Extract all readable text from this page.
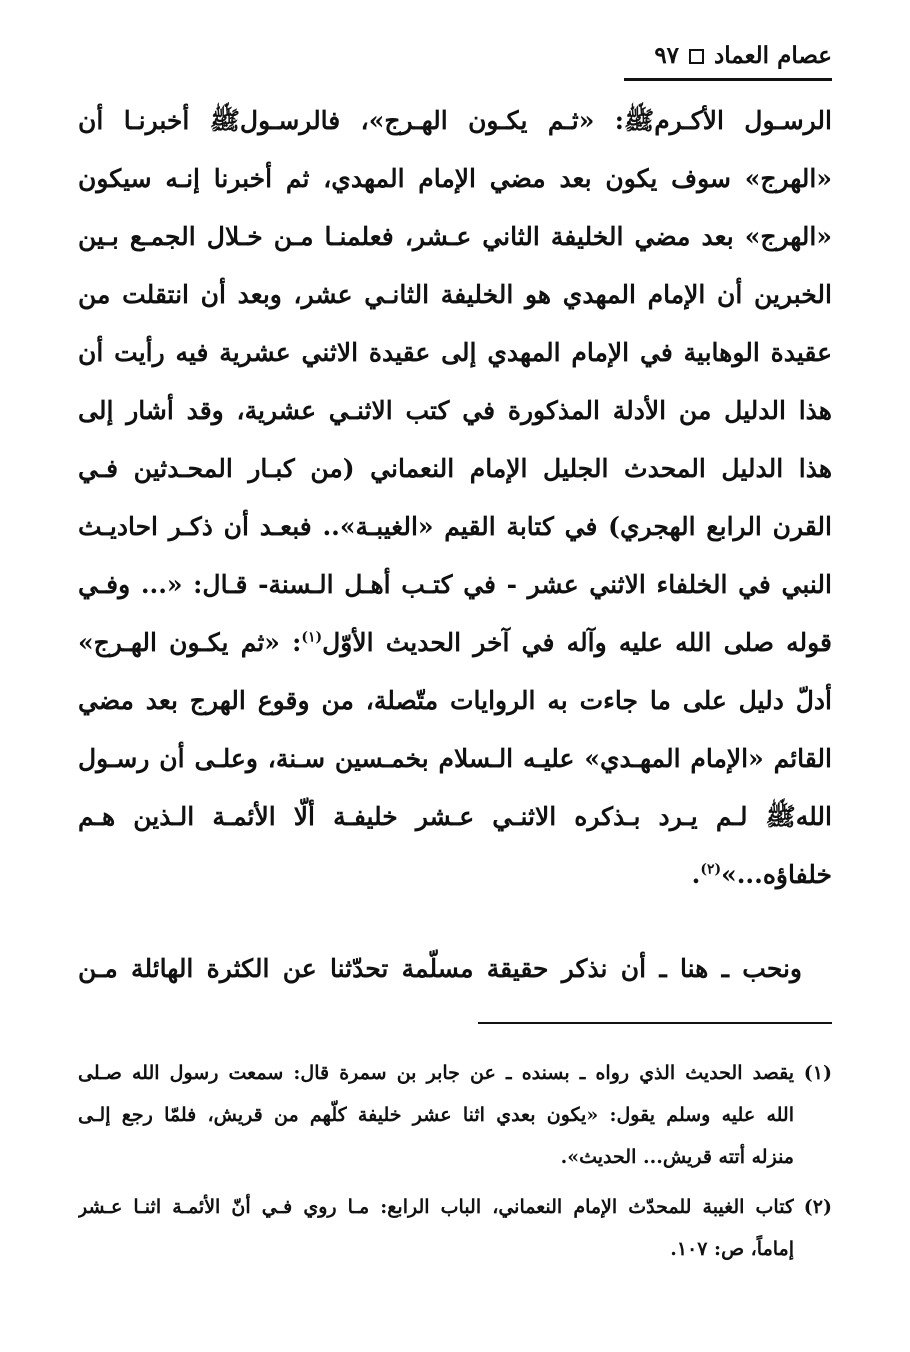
عصام العماد
٩٧
الرسـول الأكـرمﷺ: «ثـم يكـون الهـرج»، فالرسـولﷺ أخبرنـا أن
«الهرج» سوف يكون بعد مضي الإمام المهدي، ثم أخبرنا إنـه سيكون
«الهرج» بعد مضي الخليفة الثاني عـشر، فعلمنـا مـن خـلال الجمـع بـين
الخبرين أن الإمام المهدي هو الخليفة الثانـي عشر، وبعد أن انتقلت من
عقيدة الوهابية في الإمام المهدي إلى عقيدة الاثني عشرية فيه رأيت أن
هذا الدليل من الأدلة المذكورة في كتب الاثنـي عشرية، وقد أشار إلى
هذا الدليل المحدث الجليل الإمام النعماني (من كبـار المحـدثين فـي
القرن الرابع الهجري) في كتابة القيم «الغيبـة».. فبعـد أن ذكـر احاديـث
النبي في الخلفاء الاثني عشر - في كتـب أهـل الـسنة- قـال: «... وفـي
قوله صلى الله عليه وآله في آخر الحديث الأوّل$^{(١)}$: «ثم يكـون الهـرج»
أدلّ دليل على ما جاءت به الروايات متّصلة، من وقوع الهرج بعد مضي
القائم «الإمام المهـدي» عليـه الـسلام بخمـسين سـنة، وعلـى أن رسـول
اللهﷺ لـم يـرد بـذكره الاثنـي عـشر خليفـة ألّا الأئمـة الـذين هـم
خلفاؤه...»$^{(٢)}$.

ونحب ـ هنا ـ أن نذكر حقيقة مسلّمة تحدّثنا عن الكثرة الهائلة مـن

(١)
يقصد الحديث الذي رواه ـ بسنده ـ عن جابر بن سمرة قال: سمعت رسول الله صـلى
الله عليه وسلم يقول: «يكون بعدي اثنا عشر خليفة كلّهم من قريش، فلمّا رجع إلـى
منزله أتته قريش... الحديث».
(٢)
كتاب الغيبة للمحدّث الإمام النعماني، الباب الرابع: مـا روي فـي أنّ الأئمـة اثنـا عـشر
إماماً، ص: ١٠٧.
